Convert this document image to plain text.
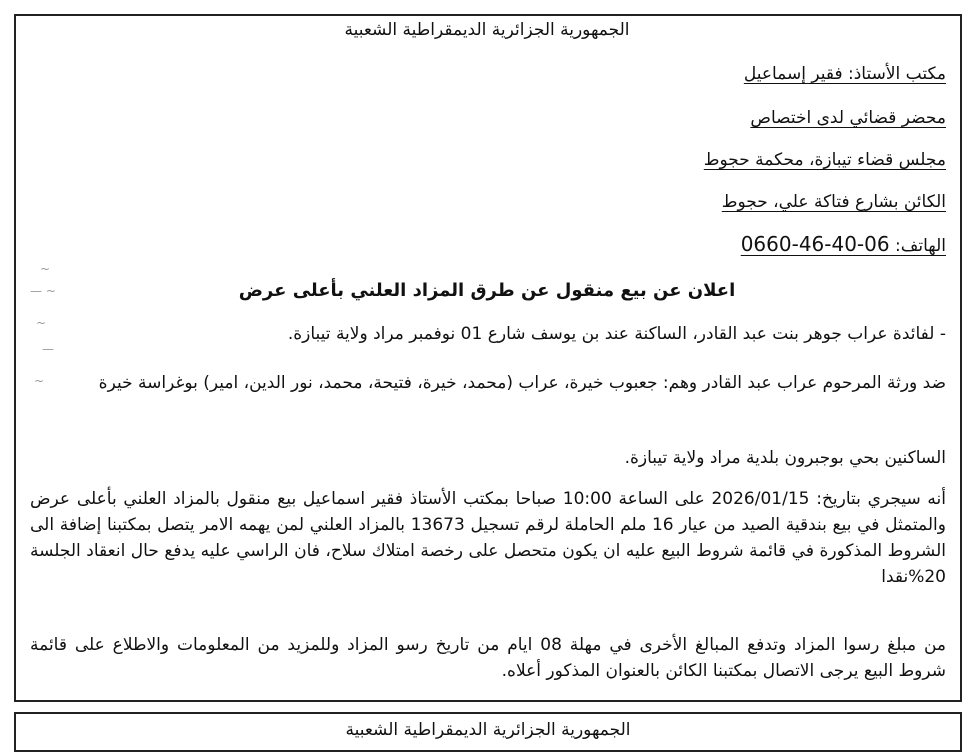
الجمهورية الجزائرية الديمقراطية الشعبية

مكتب الأستاذ: فقير إسماعيل

محضر قضائي لدى اختصاص

مجلس قضاء تيبازة، محكمة حجوط

الكائن بشارع فتاكة علي، حجوط

الهاتف: 0660-46-40-06

~
— ~
~
—
~

اعلان عن بيع منقول عن طرق المزاد العلني بأعلى عرض

- لفائدة عراب جوهر بنت عبد القادر، الساكنة عند بن يوسف شارع 01 نوفمبر مراد ولاية تيبازة.

ضد ورثة المرحوم عراب عبد القادر وهم: جعبوب خيرة، عراب (محمد، خيرة، فتيحة، محمد، نور الدين، امير) بوغراسة خيرة

الساكنين بحي بوجبرون بلدية مراد ولاية تيبازة.

أنه سيجري بتاريخ: 2026/01/15 على الساعة 10:00 صباحا بمكتب الأستاذ فقير اسماعيل بيع منقول بالمزاد العلني بأعلى عرض والمتمثل في بيع بندقية الصيد من عيار 16 ملم الحاملة لرقم تسجيل 13673 بالمزاد العلني لمن يهمه الامر يتصل بمكتبنا إضافة الى الشروط المذكورة في قائمة شروط البيع عليه ان يكون متحصل على رخصة امتلاك سلاح، فان الراسي عليه يدفع حال انعقاد الجلسة 20%نقدا

من مبلغ رسوا المزاد وتدفع المبالغ الأخرى في مهلة 08 ايام من تاريخ رسو المزاد وللمزيد من المعلومات والاطلاع على قائمة شروط البيع يرجى الاتصال بمكتبنا الكائن بالعنوان المذكور أعلاه.

الجمهورية الجزائرية الديمقراطية الشعبية
